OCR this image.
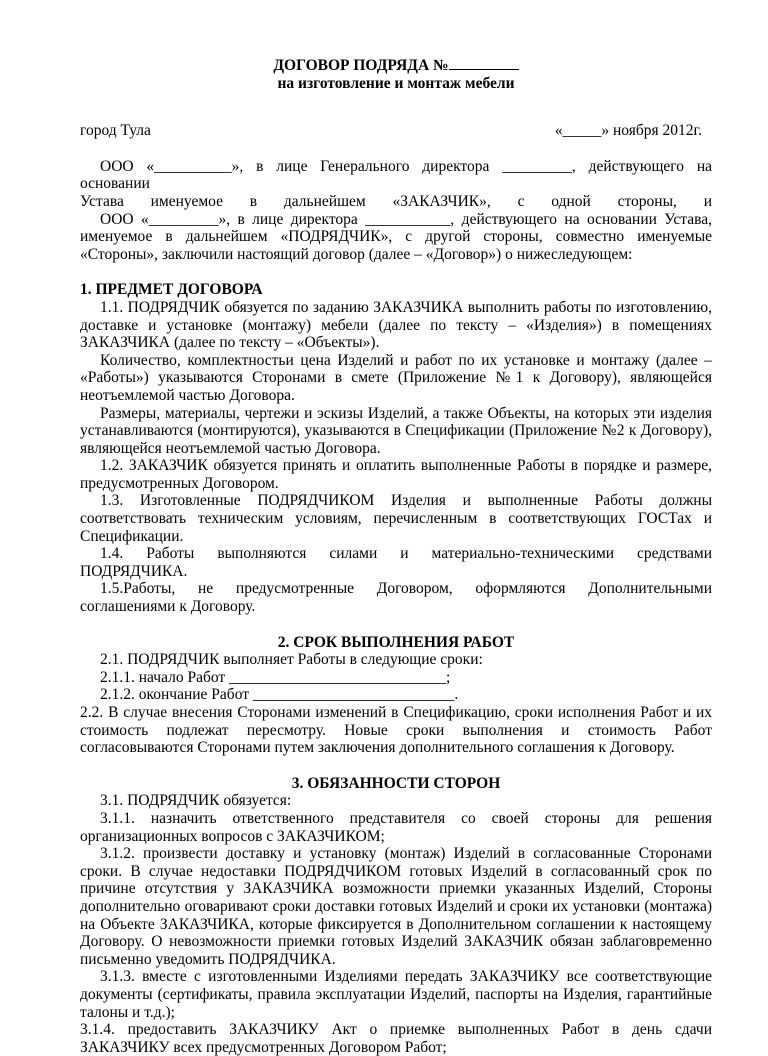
ДОГОВОР ПОДРЯДА №

на изготовление и монтаж мебели

город Тула	«_____» ноября 2012г.

ООО «__________», в лице Генерального директора _________, действующего на основании

Устава именуемое в дальнейшем «ЗАКАЗЧИК», с одной стороны, и

ООО «_________», в лице директора ___________, действующего на основании Устава, именуемое в дальнейшем «ПОДРЯДЧИК», с другой стороны, совместно именуемые «Стороны», заключили настоящий договор (далее – «Договор») о нижеследующем:

1. ПРЕДМЕТ ДОГОВОРА

1.1. ПОДРЯДЧИК обязуется по заданию ЗАКАЗЧИКА выполнить работы по изготовлению, доставке и установке (монтажу) мебели (далее по тексту – «Изделия») в помещениях ЗАКАЗЧИКА (далее по тексту – «Объекты»).

Количество, комплектностьи цена Изделий и работ по их установке и монтажу (далее – «Работы») указываются Сторонами в смете (Приложение №1 к Договору), являющейся неотъемлемой частью Договора.

Размеры, материалы, чертежи и эскизы Изделий, а также Объекты, на которых эти изделия устанавливаются (монтируются), указываются в Спецификации (Приложение №2 к Договору), являющейся неотъемлемой частью Договора.

1.2. ЗАКАЗЧИК обязуется принять и оплатить выполненные Работы в порядке и размере, предусмотренных Договором.

1.3. Изготовленные ПОДРЯДЧИКОМ Изделия и выполненные Работы должны соответствовать техническим условиям, перечисленным в соответствующих ГОСТах и Спецификации.

1.4. Работы выполняются силами и материально-техническими средствами

ПОДРЯДЧИКА.

1.5.Работы, не предусмотренные Договором, оформляются Дополнительными

соглашениями к Договору.

2. СРОК ВЫПОЛНЕНИЯ РАБОТ

2.1. ПОДРЯДЧИК выполняет Работы в следующие сроки:

2.1.1. начало Работ ____________________________;

2.1.2. окончание Работ __________________________.

2.2. В случае внесения Сторонами изменений в Спецификацию, сроки исполнения Работ и их стоимость подлежат пересмотру. Новые сроки выполнения и стоимость Работ согласовываются Сторонами путем заключения дополнительного соглашения к Договору.

3. ОБЯЗАННОСТИ СТОРОН

3.1. ПОДРЯДЧИК обязуется:

3.1.1. назначить ответственного представителя со своей стороны для решения организационных вопросов с ЗАКАЗЧИКОМ;

3.1.2. произвести доставку и установку (монтаж) Изделий в согласованные Сторонами сроки. В случае недоставки ПОДРЯДЧИКОМ готовых Изделий в согласованный срок по причине отсутствия у ЗАКАЗЧИКА возможности приемки указанных Изделий, Стороны дополнительно оговаривают сроки доставки готовых Изделий и сроки их установки (монтажа) на Объекте ЗАКАЗЧИКА, которые фиксируется в Дополнительном соглашении к настоящему Договору. О невозможности приемки готовых Изделий ЗАКАЗЧИК обязан заблаговременно письменно уведомить ПОДРЯДЧИКА.

3.1.3. вместе с изготовленными Изделиями передать ЗАКАЗЧИКУ все соответствующие документы (сертификаты, правила эксплуатации Изделий, паспорты на Изделия, гарантийные талоны и т.д.);

3.1.4. предоставить ЗАКАЗЧИКУ Акт о приемке выполненных Работ в день сдачи ЗАКАЗЧИКУ всех предусмотренных Договором Работ;
